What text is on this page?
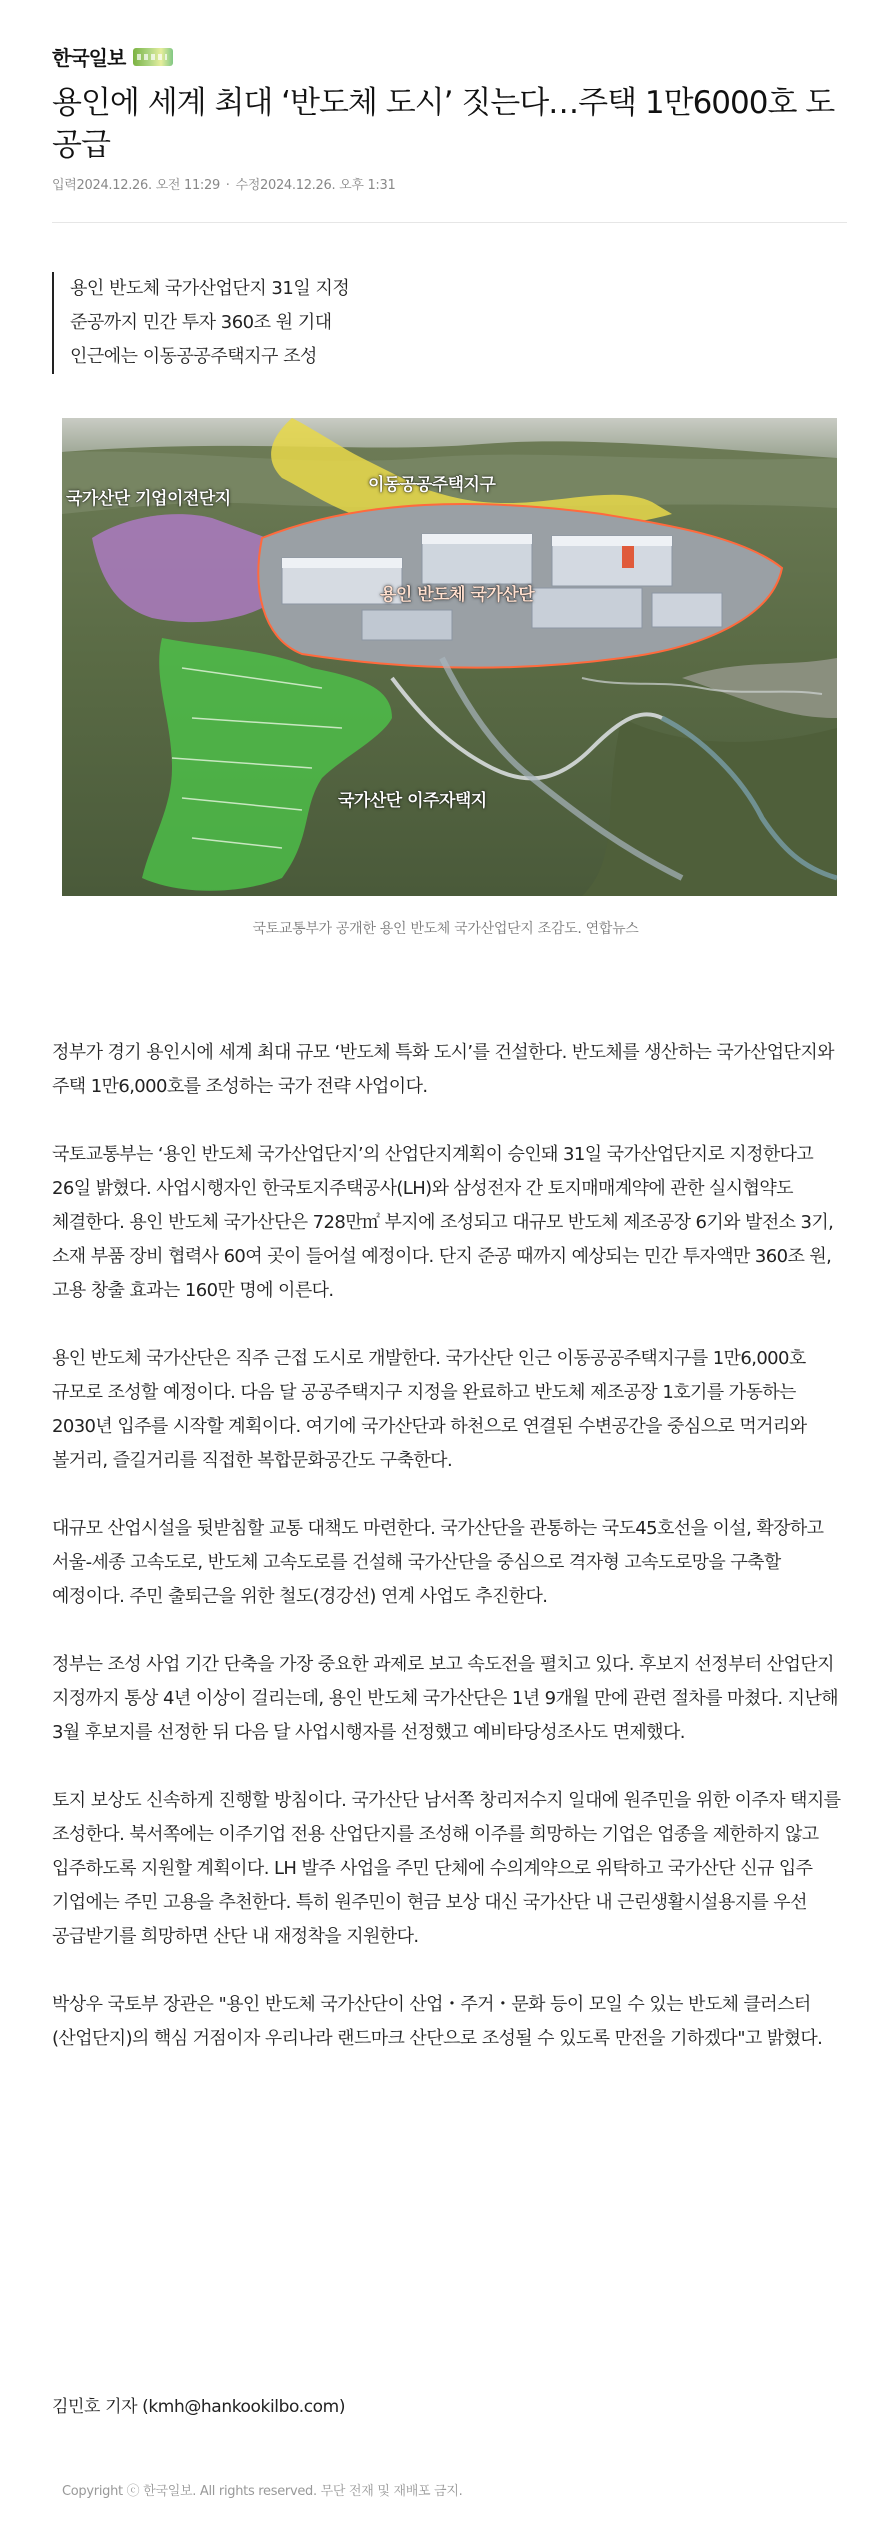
한국일보
용인에 세계 최대 ‘반도체 도시’ 짓는다…주택 1만6000호 도 공급
입력2024.12.26. 오전 11:29 · 수정2024.12.26. 오후 1:31
용인 반도체 국가산업단지 31일 지정
준공까지 민간 투자 360조 원 기대
인근에는 이동공공주택지구 조성
이동공공주택지구
국가산단 기업이전단지
용인 반도체 국가산단
국가산단 이주자택지
국토교통부가 공개한 용인 반도체 국가산업단지 조감도. 연합뉴스

정부가 경기 용인시에 세계 최대 규모 ‘반도체 특화 도시’를 건설한다. 반도체를 생산하는 국가산업단지와 주택 1만6,000호를 조성하는 국가 전략 사업이다.

국토교통부는 ‘용인 반도체 국가산업단지’의 산업단지계획이 승인돼 31일 국가산업단지로 지정한다고 26일 밝혔다. 사업시행자인 한국토지주택공사(LH)와 삼성전자 간 토지매매계약에 관한 실시협약도 체결한다. 용인 반도체 국가산단은 728만㎡ 부지에 조성되고 대규모 반도체 제조공장 6기와 발전소 3기, 소재 부품 장비 협력사 60여 곳이 들어설 예정이다. 단지 준공 때까지 예상되는 민간 투자액만 360조 원, 고용 창출 효과는 160만 명에 이른다.

용인 반도체 국가산단은 직주 근접 도시로 개발한다. 국가산단 인근 이동공공주택지구를 1만6,000호 규모로 조성할 예정이다. 다음 달 공공주택지구 지정을 완료하고 반도체 제조공장 1호기를 가동하는 2030년 입주를 시작할 계획이다. 여기에 국가산단과 하천으로 연결된 수변공간을 중심으로 먹거리와 볼거리, 즐길거리를 직접한 복합문화공간도 구축한다.

대규모 산업시설을 뒷받침할 교통 대책도 마련한다. 국가산단을 관통하는 국도45호선을 이설, 확장하고 서울-세종 고속도로, 반도체 고속도로를 건설해 국가산단을 중심으로 격자형 고속도로망을 구축할 예정이다. 주민 출퇴근을 위한 철도(경강선) 연계 사업도 추진한다.

정부는 조성 사업 기간 단축을 가장 중요한 과제로 보고 속도전을 펼치고 있다. 후보지 선정부터 산업단지 지정까지 통상 4년 이상이 걸리는데, 용인 반도체 국가산단은 1년 9개월 만에 관련 절차를 마쳤다. 지난해 3월 후보지를 선정한 뒤 다음 달 사업시행자를 선정했고 예비타당성조사도 면제했다.

토지 보상도 신속하게 진행할 방침이다. 국가산단 남서쪽 창리저수지 일대에 원주민을 위한 이주자 택지를 조성한다. 북서쪽에는 이주기업 전용 산업단지를 조성해 이주를 희망하는 기업은 업종을 제한하지 않고 입주하도록 지원할 계획이다. LH 발주 사업을 주민 단체에 수의계약으로 위탁하고 국가산단 신규 입주 기업에는 주민 고용을 추천한다. 특히 원주민이 현금 보상 대신 국가산단 내 근린생활시설용지를 우선 공급받기를 희망하면 산단 내 재정착을 지원한다.

박상우 국토부 장관은 "용인 반도체 국가산단이 산업・주거・문화 등이 모일 수 있는 반도체 클러스터(산업단지)의 핵심 거점이자 우리나라 랜드마크 산단으로 조성될 수 있도록 만전을 기하겠다"고 밝혔다.

김민호 기자 (kmh@hankookilbo.com)
Copyright ⓒ 한국일보. All rights reserved. 무단 전재 및 재배포 금지.
